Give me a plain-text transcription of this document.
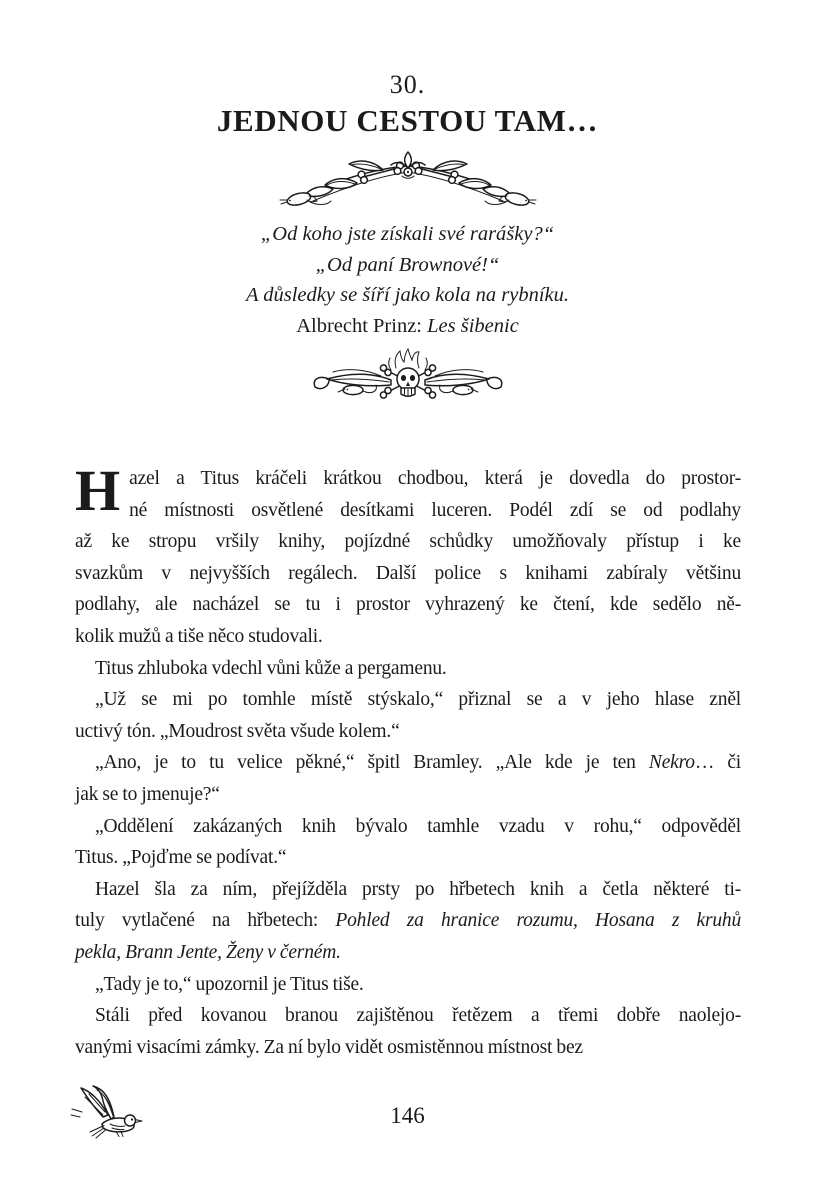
30.
JEDNOU CESTOU TAM…
„Od koho jste získali své rarášky?“
„Od paní Brownové!“
A důsledky se šíří jako kola na rybníku.
Albrecht Prinz: Les šibenic
H azel a Titus kráčeli krátkou chodbou, která je dovedla do prostor-
né místnosti osvětlené desítkami luceren. Podél zdí se od podlahy
až ke stropu vršily knihy, pojízdné schůdky umožňovaly přístup i ke
svazkům v nejvyšších regálech. Další police s knihami zabíraly většinu
podlahy, ale nacházel se tu i prostor vyhrazený ke čtení, kde sedělo ně-
kolik mužů a tiše něco studovali.
Titus zhluboka vdechl vůni kůže a pergamenu.
„Už se mi po tomhle místě stýskalo,“ přiznal se a v jeho hlase zněl
uctivý tón. „Moudrost světa všude kolem.“
„Ano, je to tu velice pěkné,“ špitl Bramley. „Ale kde je ten Nekro… či
jak se to jmenuje?“
„Oddělení zakázaných knih bývalo tamhle vzadu v rohu,“ odpověděl
Titus. „Pojďme se podívat.“
Hazel šla za ním, přejížděla prsty po hřbetech knih a četla některé ti-
tuly vytlačené na hřbetech: Pohled za hranice rozumu, Hosana z kruhů
pekla, Brann Jente, Ženy v černém.
„Tady je to,“ upozornil je Titus tiše.
Stáli před kovanou branou zajištěnou řetězem a třemi dobře naolejo-
vanými visacími zámky. Za ní bylo vidět osmistěnnou místnost bez
146
